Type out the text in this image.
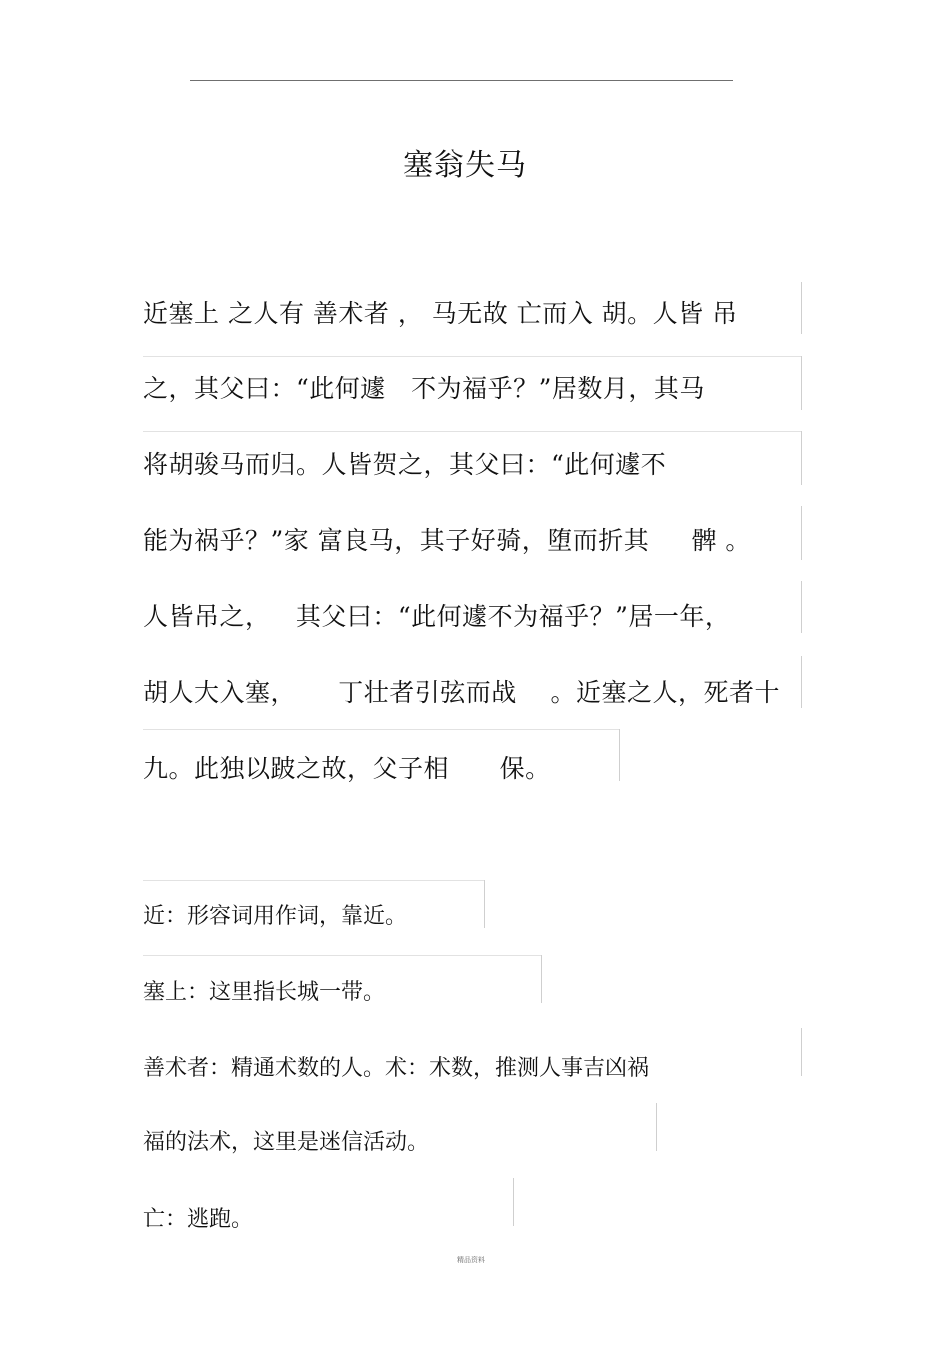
塞翁失马
近塞上 之人有 善术者 ， 马无故 亡而入 胡。人皆 吊
之，其父曰：“此何遽   不为福乎？”居数月，其马
将胡骏马而归。人皆贺之，其父曰：“此何遽不
能为祸乎？”家 富良马，其子好骑，堕而折其     髀 。
人皆吊之，   其父曰：“此何遽不为福乎？”居一年，
胡人大入塞，     丁壮者引弦而战    。近塞之人，死者十
九。此独以跛之故，父子相      保。
近：形容词用作词，靠近。
塞上：这里指长城一带。
善术者：精通术数的人。术：术数，推测人事吉凶祸
福的法术，这里是迷信活动。
亡：逃跑。
精品资料
